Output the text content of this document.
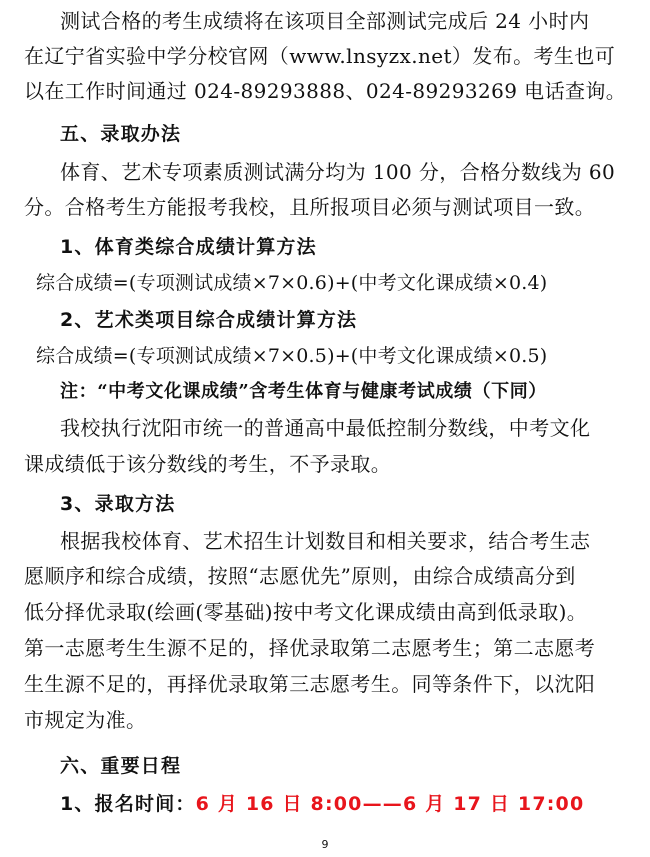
测试合格的考生成绩将在该项目全部测试完成后 24 小时内
在辽宁省实验中学分校官网（www.lnsyzx.net）发布。考生也可
以在工作时间通过 024-89293888、024-89293269 电话查询。
五、录取办法
体育、艺术专项素质测试满分均为 100 分，合格分数线为 60
分。合格考生方能报考我校，且所报项目必须与测试项目一致。
1、体育类综合成绩计算方法
综合成绩=(专项测试成绩×7×0.6)+(中考文化课成绩×0.4)
2、艺术类项目综合成绩计算方法
综合成绩=(专项测试成绩×7×0.5)+(中考文化课成绩×0.5)
注：“中考文化课成绩”含考生体育与健康考试成绩（下同）
我校执行沈阳市统一的普通高中最低控制分数线，中考文化
课成绩低于该分数线的考生，不予录取。
3、录取方法
根据我校体育、艺术招生计划数目和相关要求，结合考生志
愿顺序和综合成绩，按照“志愿优先”原则，由综合成绩高分到
低分择优录取(绘画(零基础)按中考文化课成绩由高到低录取)。
第一志愿考生生源不足的，择优录取第二志愿考生；第二志愿考
生生源不足的，再择优录取第三志愿考生。同等条件下，以沈阳
市规定为准。
六、重要日程
1、报名时间：6 月 16 日 8:00——6 月 17 日 17:00
9
